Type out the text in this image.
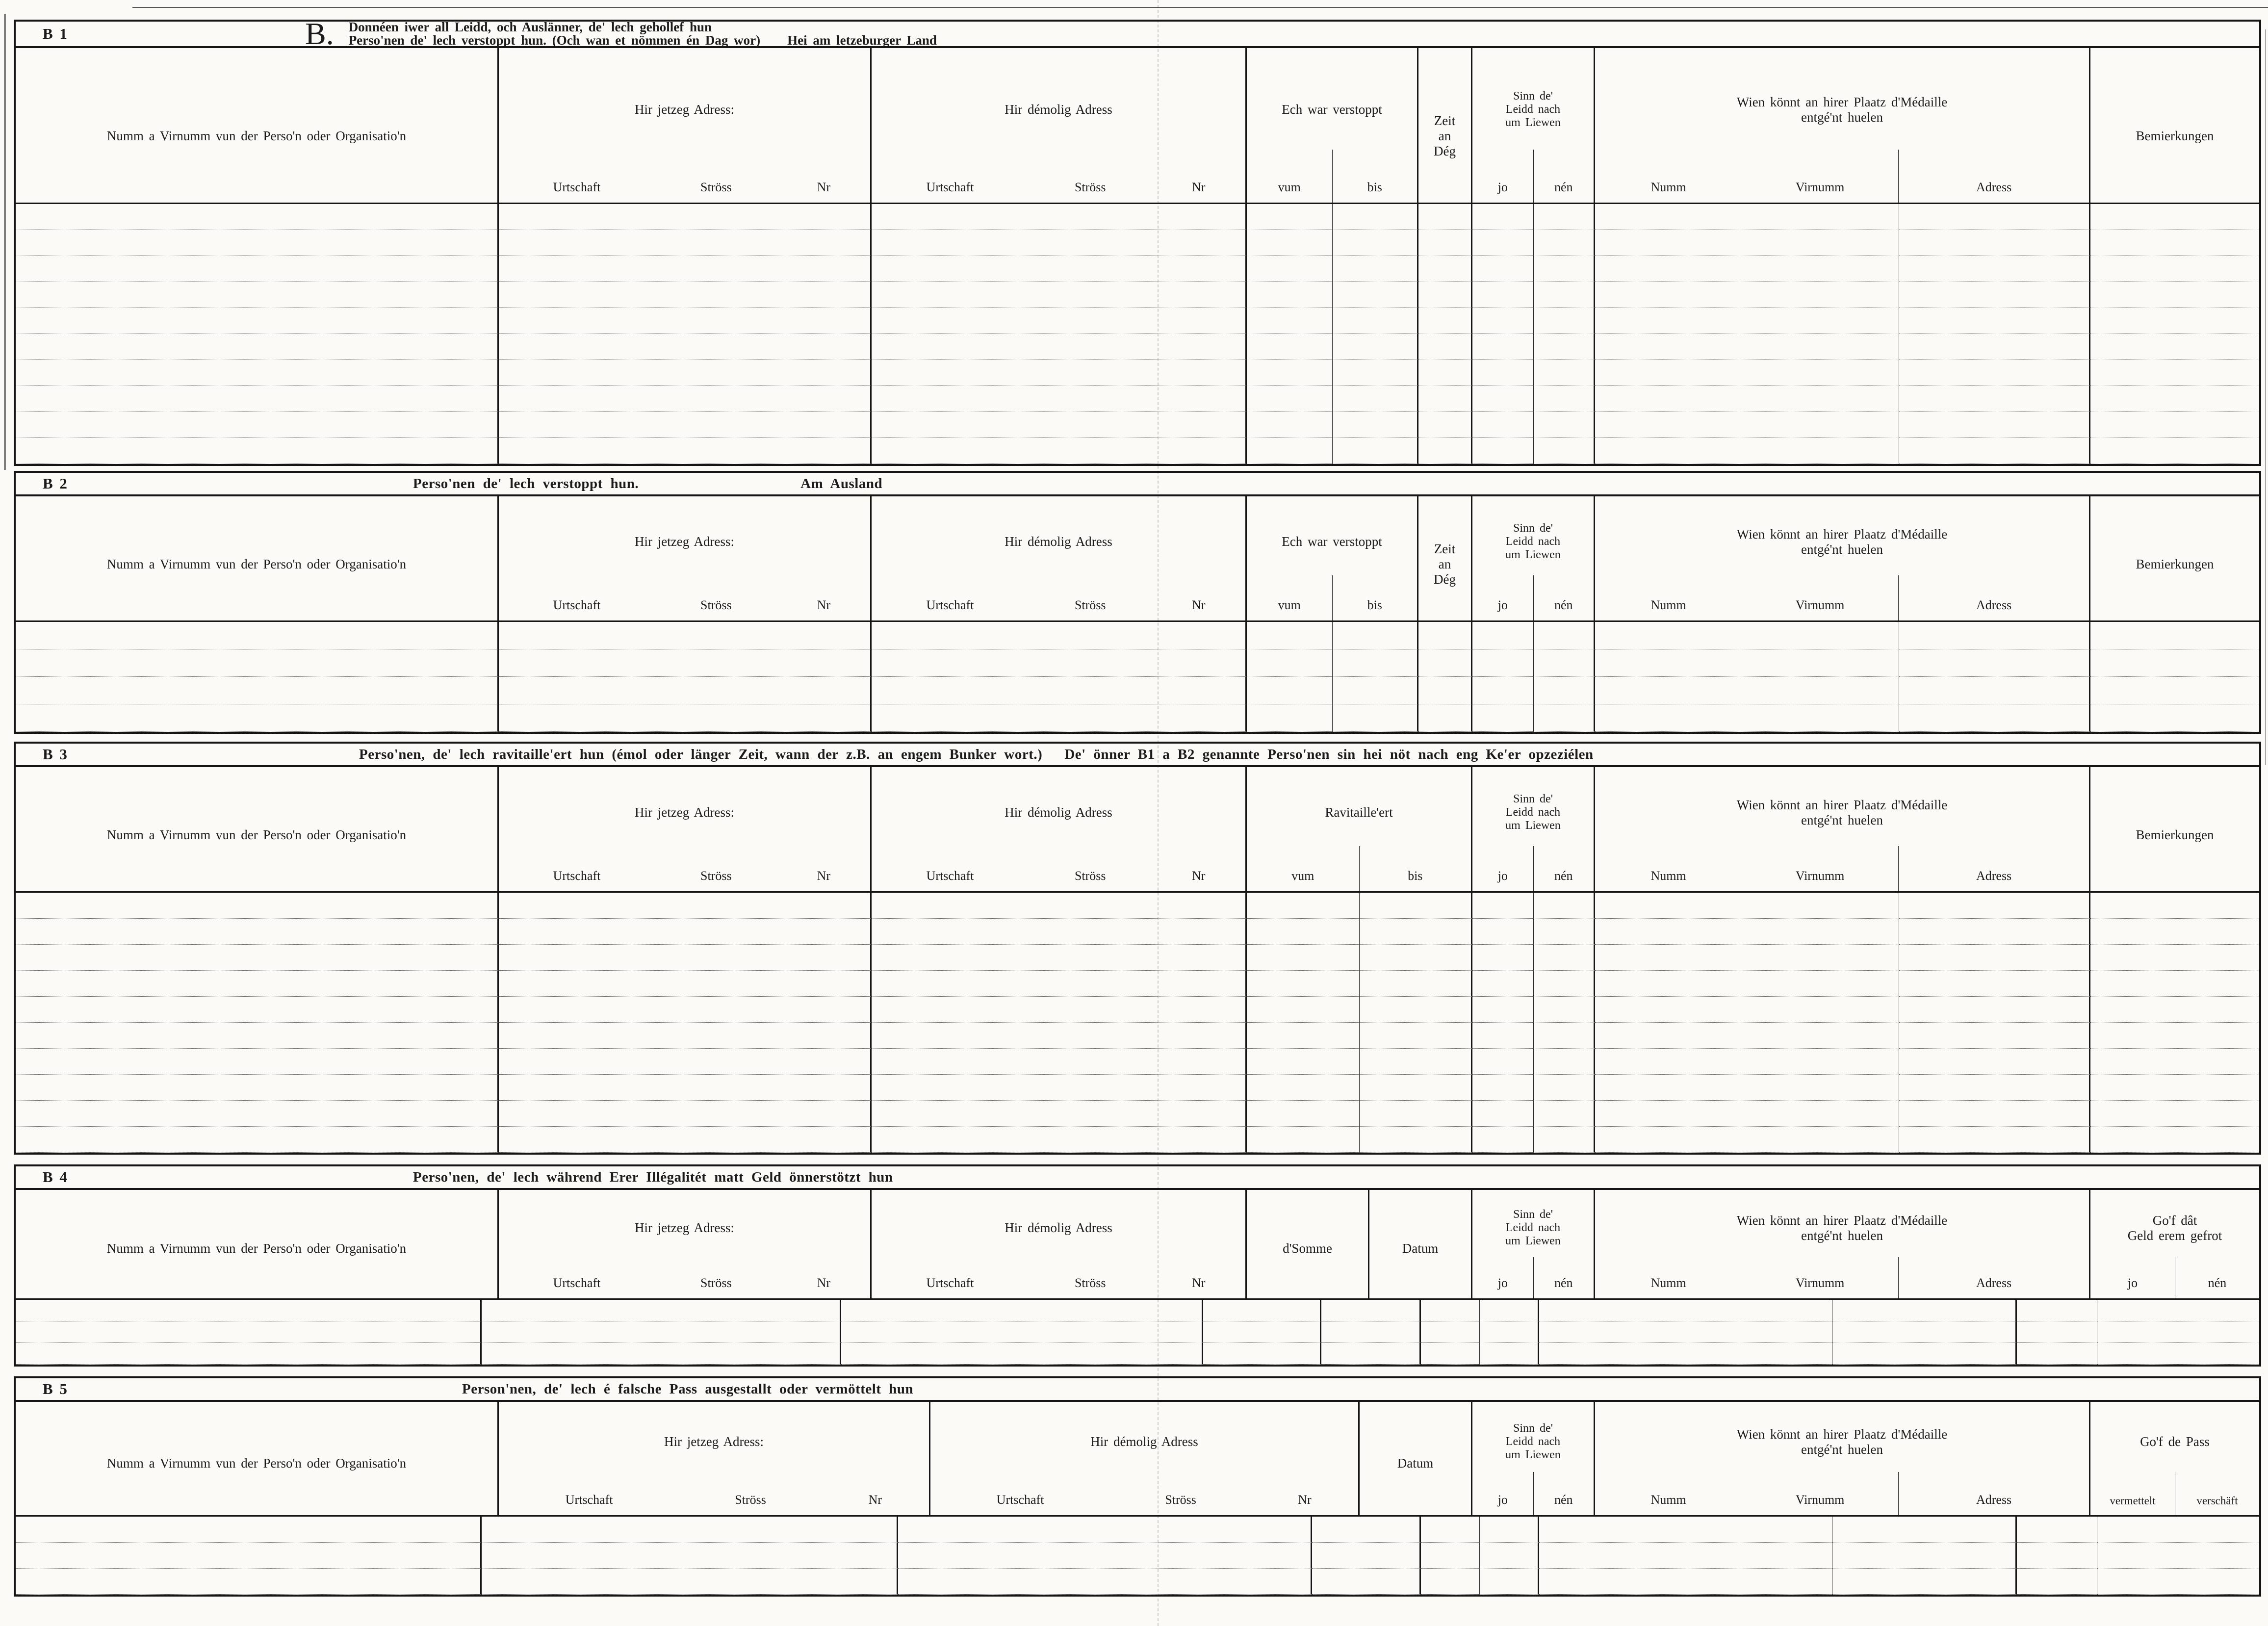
B 1	B. Donnéen iwer all Leidd, och Auslänner, de' lech gehollef hun
Perso'nen de' lech verstoppt hun. (Och wan et nömmen én Dag wor) Hei am letzeburger Land
Numm a Virnumm vun der Perso'n oder Organisatio'n
Hir jetzeg Adress:
Urtschaft	Ströss	Nr
Hir démolig Adress
Urtschaft	Ströss	Nr
Ech war verstoppt
vum	bis
Zeit
an
Dég
Sinn de'
Leidd nach
um Liewen
jo	nén
Wien könnt an hirer Plaatz d'Médaille
entgé'nt huelen
Numm	Virnumm	Adress
Bemierkungen
B 2	Perso'nen de' lech verstoppt hun.	Am Ausland
Numm a Virnumm vun der Perso'n oder Organisatio'n
Hir jetzeg Adress:
Urtschaft	Ströss	Nr
Hir démolig Adress
Urtschaft	Ströss	Nr
Ech war verstoppt
vum	bis
Zeit
an
Dég
Sinn de'
Leidd nach
um Liewen
jo	nén
Wien könnt an hirer Plaatz d'Médaille
entgé'nt huelen
Numm	Virnumm	Adress
Bemierkungen
B 3	Perso'nen, de' lech ravitaille'ert hun (émol oder länger Zeit, wann der z.B. an engem Bunker wort.) De' önner B1 a B2 genannte Perso'nen sin hei nöt nach eng Ke'er opzeziélen
Numm a Virnumm vun der Perso'n oder Organisatio'n
Hir jetzeg Adress:
Urtschaft	Ströss	Nr
Hir démolig Adress
Urtschaft	Ströss	Nr
Ravitaille'ert
vum	bis
Sinn de'
Leidd nach
um Liewen
jo	nén
Wien könnt an hirer Plaatz d'Médaille
entgé'nt huelen
Numm	Virnumm	Adress
Bemierkungen
B 4	Perso'nen, de' lech während Erer Illégalitét matt Geld önnerstötzt hun
Numm a Virnumm vun der Perso'n oder Organisatio'n
Hir jetzeg Adress:
Urtschaft	Ströss	Nr
Hir démolig Adress
Urtschaft	Ströss	Nr
d'Somme	Datum
Sinn de'
Leidd nach
um Liewen
jo	nén
Wien könnt an hirer Plaatz d'Médaille
entgé'nt huelen
Numm	Virnumm	Adress
Go'f dât
Geld erem gefrot
jo	nén
B 5	Person'nen, de' lech é falsche Pass ausgestallt oder vermöttelt hun
Numm a Virnumm vun der Perso'n oder Organisatio'n
Hir jetzeg Adress:
Urtschaft	Ströss	Nr
Hir démolig Adress
Urtschaft	Ströss	Nr
Datum
Sinn de'
Leidd nach
um Liewen
jo	nén
Wien könnt an hirer Plaatz d'Médaille
entgé'nt huelen
Numm	Virnumm	Adress
Go'f de Pass
vermettelt	verschäft
